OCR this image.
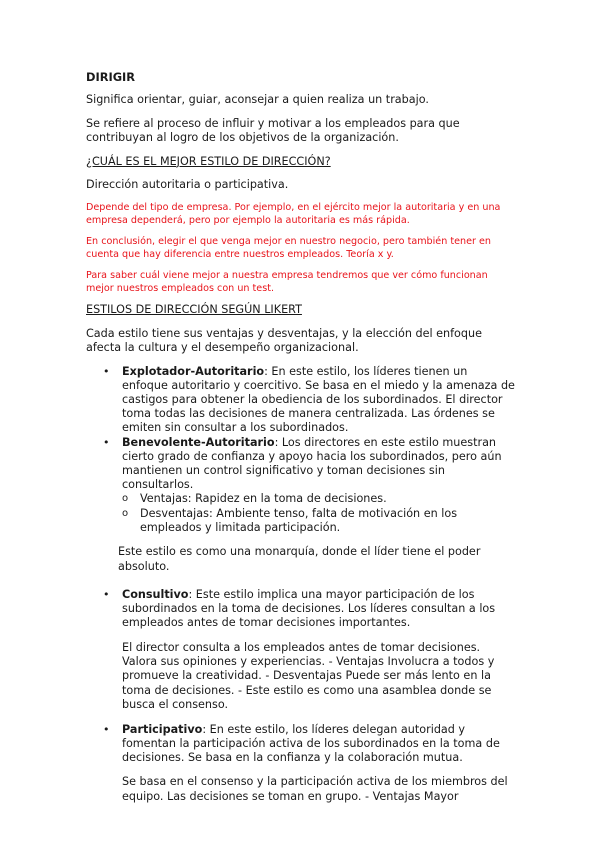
DIRIGIR

Significa orientar, guiar, aconsejar a quien realiza un trabajo.

Se refiere al proceso de influir y motivar a los empleados para que contribuyan al logro de los objetivos de la organización.

¿CUÁL ES EL MEJOR ESTILO DE DIRECCIÓN?

Dirección autoritaria o participativa.

Depende del tipo de empresa. Por ejemplo, en el ejército mejor la autoritaria y en una empresa dependerá, pero por ejemplo la autoritaria es más rápida.

En conclusión, elegir el que venga mejor en nuestro negocio, pero también tener en cuenta que hay diferencia entre nuestros empleados. Teoría x y.

Para saber cuál viene mejor a nuestra empresa tendremos que ver cómo funcionan mejor nuestros empleados con un test.

ESTILOS DE DIRECCIÓN SEGÚN LIKERT

Cada estilo tiene sus ventajas y desventajas, y la elección del enfoque afecta la cultura y el desempeño organizacional.

• Explotador-Autoritario: En este estilo, los líderes tienen un enfoque autoritario y coercitivo. Se basa en el miedo y la amenaza de castigos para obtener la obediencia de los subordinados. El director toma todas las decisiones de manera centralizada. Las órdenes se emiten sin consultar a los subordinados.
• Benevolente-Autoritario: Los directores en este estilo muestran cierto grado de confianza y apoyo hacia los subordinados, pero aún mantienen un control significativo y toman decisiones sin consultarlos.
o Ventajas: Rapidez en la toma de decisiones.
o Desventajas: Ambiente tenso, falta de motivación en los empleados y limitada participación.

Este estilo es como una monarquía, donde el líder tiene el poder absoluto.

• Consultivo: Este estilo implica una mayor participación de los subordinados en la toma de decisiones. Los líderes consultan a los empleados antes de tomar decisiones importantes.

El director consulta a los empleados antes de tomar decisiones. Valora sus opiniones y experiencias. - Ventajas Involucra a todos y promueve la creatividad. - Desventajas Puede ser más lento en la toma de decisiones. - Este estilo es como una asamblea donde se busca el consenso.

• Participativo: En este estilo, los líderes delegan autoridad y fomentan la participación activa de los subordinados en la toma de decisiones. Se basa en la confianza y la colaboración mutua.

Se basa en el consenso y la participación activa de los miembros del equipo. Las decisiones se toman en grupo. - Ventajas Mayor
